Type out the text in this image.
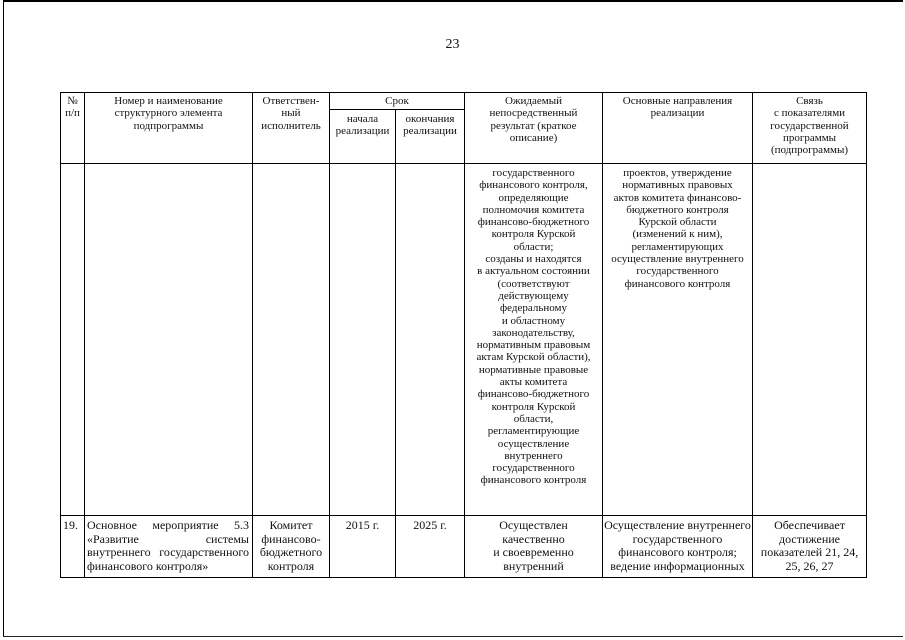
23
№
п/п
Номер и наименование
структурного элемента
подпрограммы
Ответствен-
ный
исполнитель
Срок
начала
реализации
окончания
реализации
Ожидаемый
непосредственный
результат (краткое
описание)
Основные направления
реализации
Связь
с показателями
государственной
программы
(подпрограммы)
государственного
финансового контроля,
определяющие
полномочия комитета
финансово-бюджетного
контроля Курской
области;
созданы и находятся
в актуальном состоянии
(соответствуют
действующему
федеральному
и областному
законодательству,
нормативным правовым
актам Курской области),
нормативные правовые
акты комитета
финансово-бюджетного
контроля Курской
области,
регламентирующие
осуществление
внутреннего
государственного
финансового контроля
проектов, утверждение
нормативных правовых
актов комитета финансово-
бюджетного контроля
Курской области
(изменений к ним),
регламентирующих
осуществление внутреннего
государственного
финансового контроля
19. Основное мероприятие 5.3 «Развитие системы внутреннего государственного финансового контроля»
Комитет
финансово-
бюджетного
контроля
2015 г.	2025 г.	Осуществлен
качественно
и своевременно
внутренний
Осуществление внутреннего
государственного
финансового контроля;
ведение информационных
Обеспечивает
достижение
показателей 21, 24,
25, 26, 27
